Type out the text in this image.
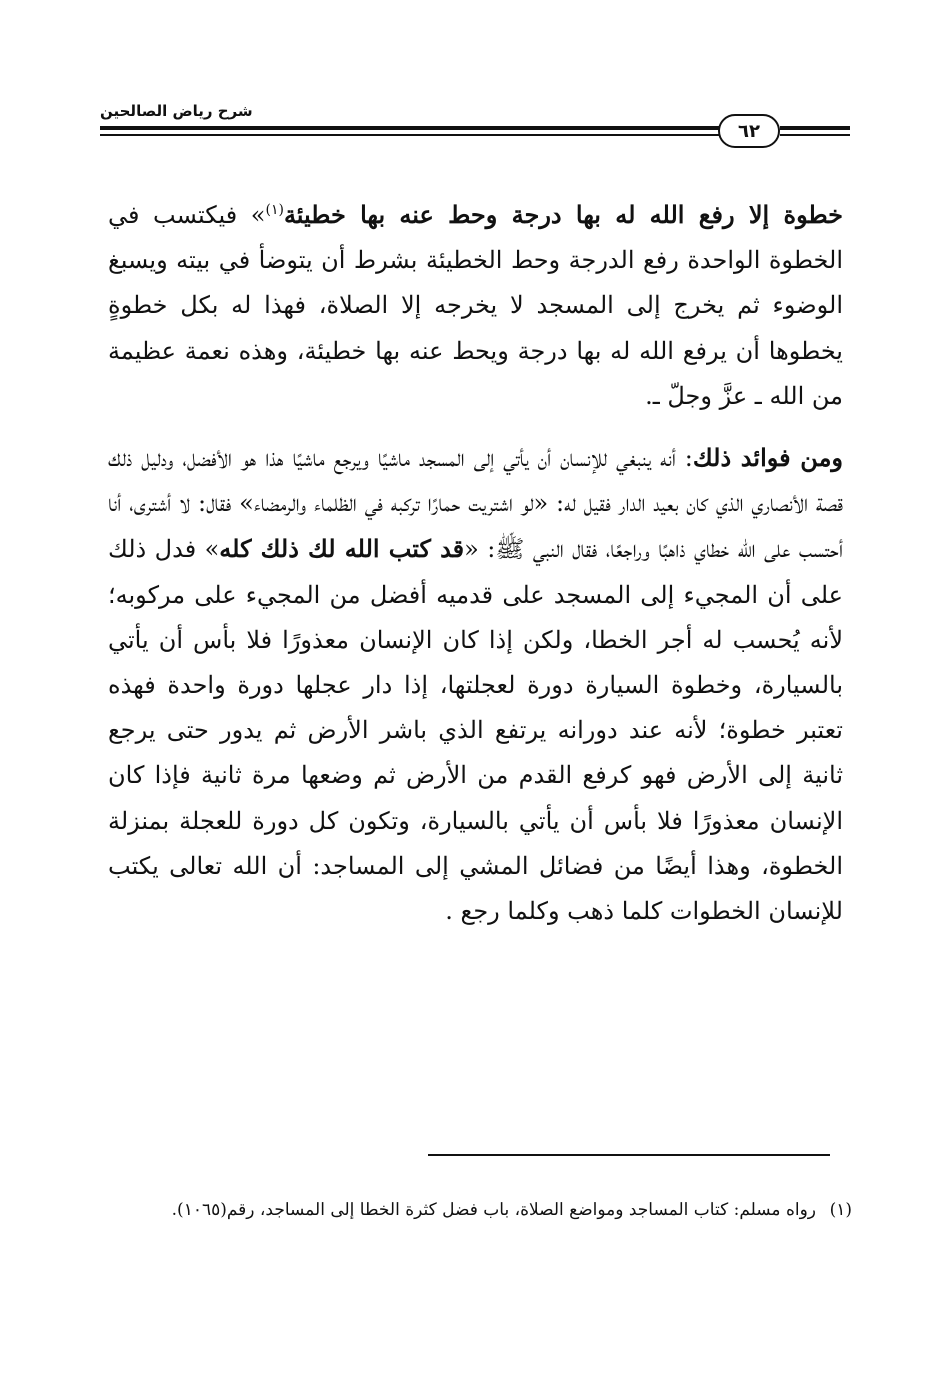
شرح رياض الصالحين
٦٢

خطوة إلا رفع الله له بها درجة وحط عنه بها خطيئة$^{(١)}$» فيكتسب في الخطوة الواحدة رفع الدرجة وحط الخطيئة بشرط أن يتوضأ في بيته ويسبغ الوضوء ثم يخرج إلى المسجد لا يخرجه إلا الصلاة، فهذا له بكل خطوةٍ يخطوها أن يرفع الله له بها درجة ويحط عنه بها خطيئة، وهذه نعمة عظيمة من الله ـ عزَّ وجلّ ـ.

ومن فوائد ذلك: أنه ينبغي للإنسان أن يأتي إلى المسجد ماشيًا ويرجع ماشيًا هذا هو الأفضل، ودليل ذلك قصة الأنصاري الذي كان بعيد الدار فقيل له: «لو اشتريت حمارًا تركبه في الظلماء والرمضاء» فقال: لا أشترى، أنا أحتسب على الله خطاي ذاهبًا وراجعًا، فقال النبي ﷺ: «قد كتب الله لك ذلك كله» فدل ذلك على أن المجيء إلى المسجد على قدميه أفضل من المجيء على مركوبه؛ لأنه يُحسب له أجر الخطا، ولكن إذا كان الإنسان معذورًا فلا بأس أن يأتي بالسيارة، وخطوة السيارة دورة لعجلتها، إذا دار عجلها دورة واحدة فهذه تعتبر خطوة؛ لأنه عند دورانه يرتفع الذي باشر الأرض ثم يدور حتى يرجع ثانية إلى الأرض فهو كرفع القدم من الأرض ثم وضعها مرة ثانية فإذا كان الإنسان معذورًا فلا بأس أن يأتي بالسيارة، وتكون كل دورة للعجلة بمنزلة الخطوة، وهذا أيضًا من فضائل المشي إلى المساجد: أن الله تعالى يكتب للإنسان الخطوات كلما ذهب وكلما رجع .

(١)
رواه مسلم: كتاب المساجد ومواضع الصلاة، باب فضل كثرة الخطا إلى المساجد، رقم(١٠٦٥).
